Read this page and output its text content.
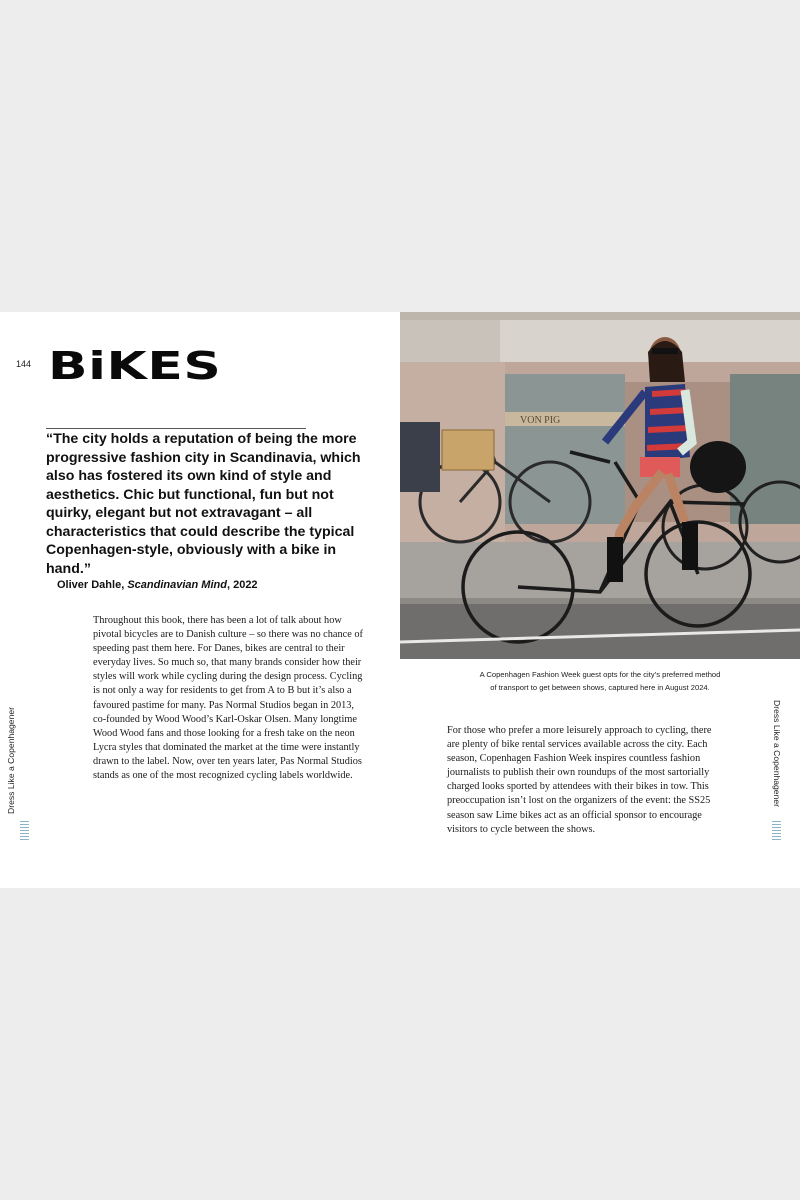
144 BiKES
“The city holds a reputation of being the more progressive fashion city in Scandinavia, which also has fostered its own kind of style and aesthetics. Chic but functional, fun but not quirky, elegant but not extravagant – all characteristics that could describe the typical Copenhagen-style, obviously with a bike in hand.”
Oliver Dahle, Scandinavian Mind, 2022
Throughout this book, there has been a lot of talk about how pivotal bicycles are to Danish culture – so there was no chance of speeding past them here. For Danes, bikes are central to their everyday lives. So much so, that many brands consider how their styles will work while cycling during the design process. Cycling is not only a way for residents to get from A to B but it’s also a favoured pastime for many. Pas Normal Studios began in 2013, co-founded by Wood Wood’s Karl-Oskar Olsen. Many longtime Wood Wood fans and those looking for a fresh take on the neon Lycra styles that dominated the market at the time were instantly drawn to the label. Now, over ten years later, Pas Normal Studios stands as one of the most recognized cycling labels worldwide.
Dress Like a Copenhagener
VON PIG
A Copenhagen Fashion Week guest opts for the city’s preferred method
of transport to get between shows, captured here in August 2024.
For those who prefer a more leisurely approach to cycling, there are plenty of bike rental services available across the city. Each season, Copenhagen Fashion Week inspires countless fashion journalists to publish their own roundups of the most sartorially charged looks sported by attendees with their bikes in tow. This preoccupation isn’t lost on the organizers of the event: the SS25 season saw Lime bikes act as an official sponsor to encourage visitors to cycle between the shows.
Dress Like a Copenhagener
